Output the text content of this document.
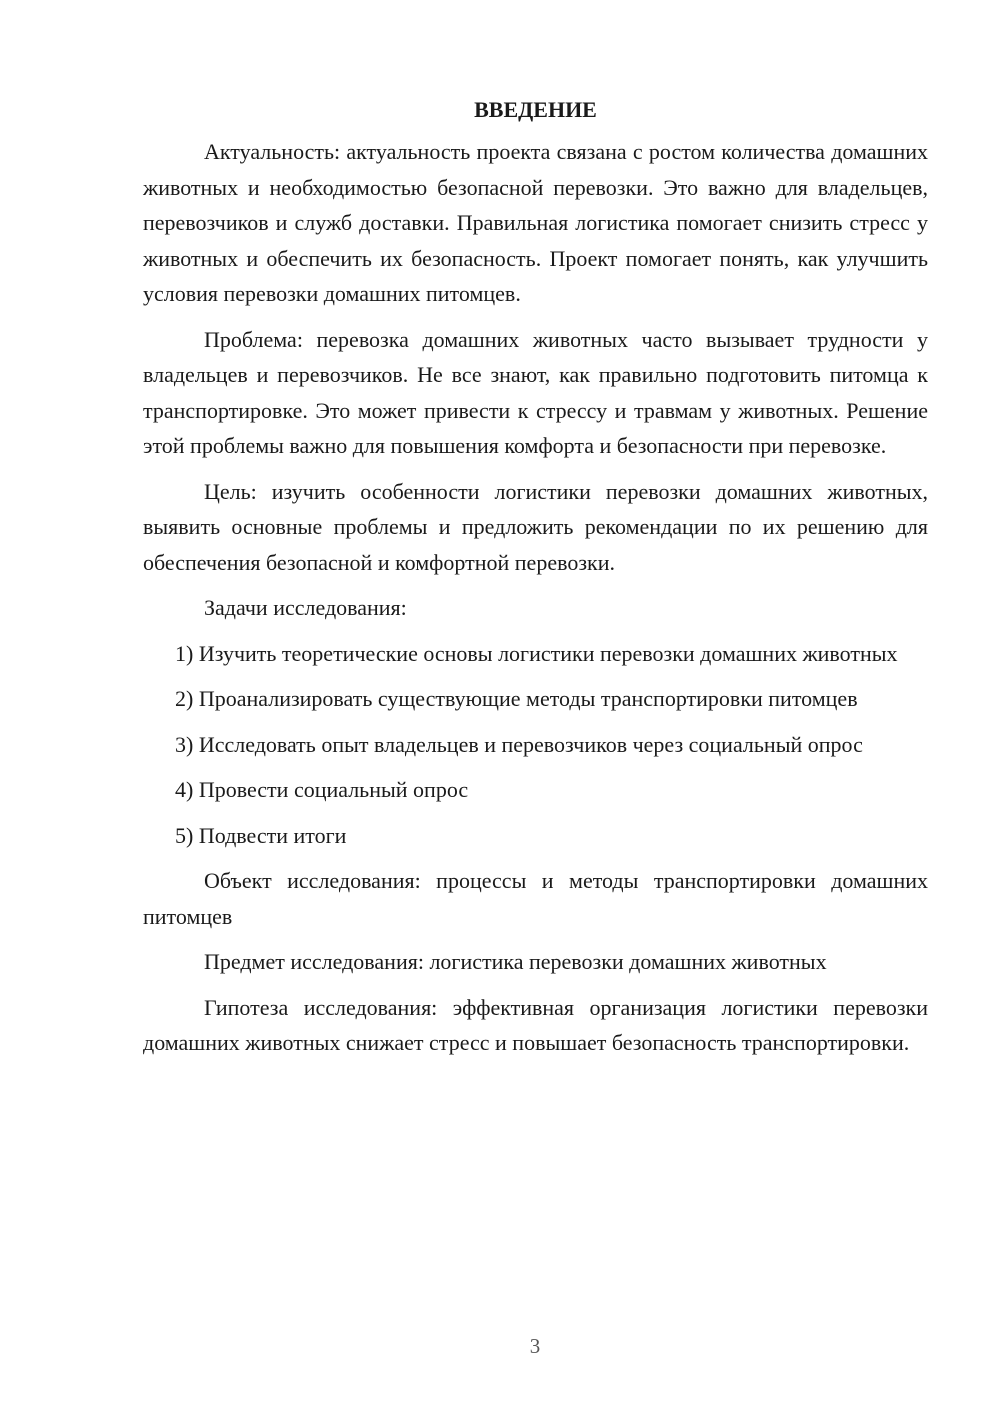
ВВЕДЕНИЕ

Актуальность: актуальность проекта связана с ростом количества домашних животных и необходимостью безопасной перевозки. Это важно для владельцев, перевозчиков и служб доставки. Правильная логистика помогает снизить стресс у животных и обеспечить их безопасность. Проект помогает понять, как улучшить условия перевозки домашних питомцев.

Проблема: перевозка домашних животных часто вызывает трудности у владельцев и перевозчиков. Не все знают, как правильно подготовить питомца к транспортировке. Это может привести к стрессу и травмам у животных. Решение этой проблемы важно для повышения комфорта и безопасности при перевозке.

Цель: изучить особенности логистики перевозки домашних животных, выявить основные проблемы и предложить рекомендации по их решению для обеспечения безопасной и комфортной перевозки.

Задачи исследования:

1) Изучить теоретические основы логистики перевозки домашних животных

2) Проанализировать существующие методы транспортировки питомцев

3) Исследовать опыт владельцев и перевозчиков через социальный опрос

4) Провести социальный опрос

5) Подвести итоги

Объект исследования: процессы и методы транспортировки домашних питомцев

Предмет исследования: логистика перевозки домашних животных

Гипотеза исследования: эффективная организация логистики перевозки домашних животных снижает стресс и повышает безопасность транспортировки.

3
